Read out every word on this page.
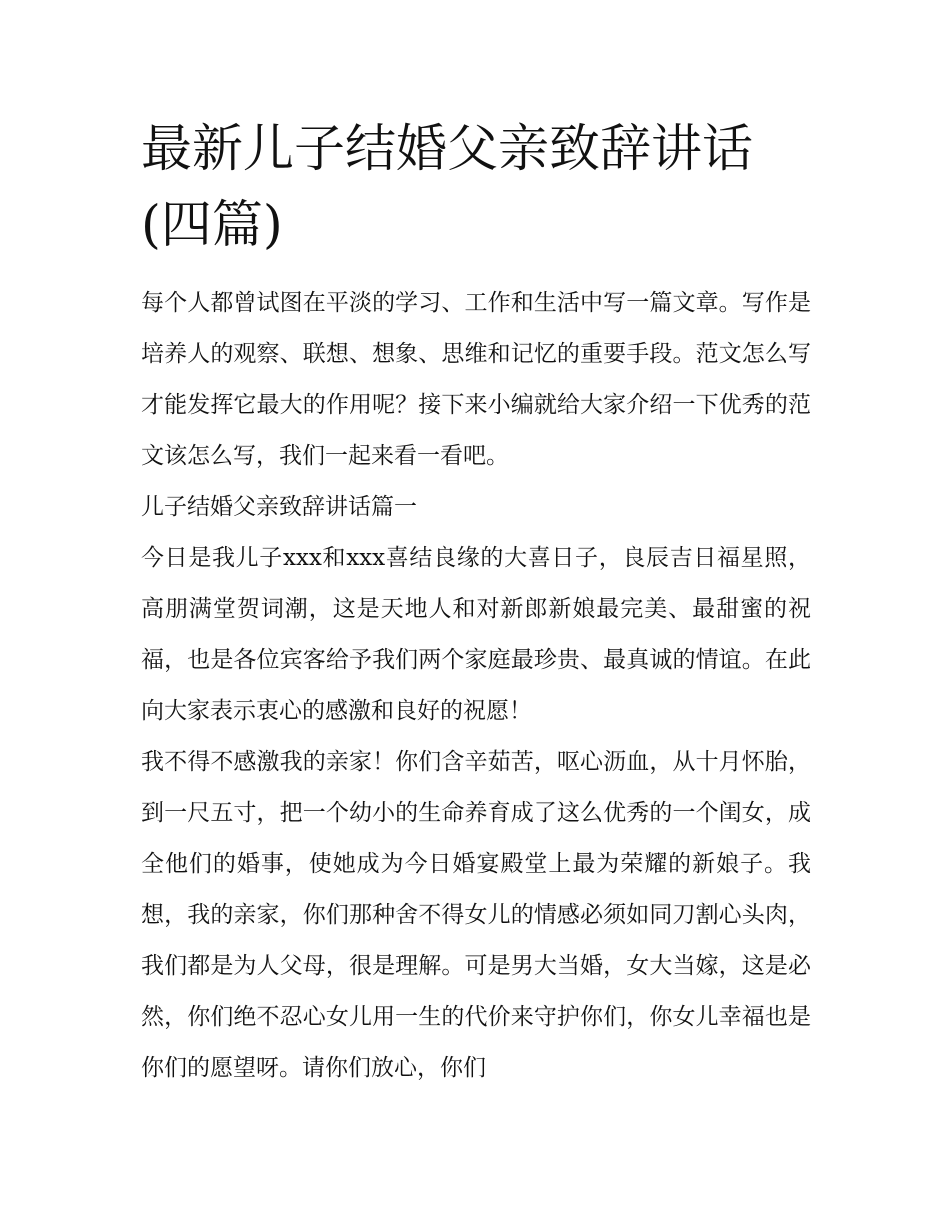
最新儿子结婚父亲致辞讲话(四篇)

每个人都曾试图在平淡的学习、工作和生活中写一篇文章。写作是培养人的观察、联想、想象、思维和记忆的重要手段。范文怎么写才能发挥它最大的作用呢？接下来小编就给大家介绍一下优秀的范文该怎么写，我们一起来看一看吧。

儿子结婚父亲致辞讲话篇一

今日是我儿子xxx和xxx喜结良缘的大喜日子，良辰吉日福星照，高朋满堂贺词潮，这是天地人和对新郎新娘最完美、最甜蜜的祝福，也是各位宾客给予我们两个家庭最珍贵、最真诚的情谊。在此向大家表示衷心的感激和良好的祝愿！

我不得不感激我的亲家！你们含辛茹苦，呕心沥血，从十月怀胎，到一尺五寸，把一个幼小的生命养育成了这么优秀的一个闺女，成全他们的婚事，使她成为今日婚宴殿堂上最为荣耀的新娘子。我想，我的亲家，你们那种舍不得女儿的情感必须如同刀割心头肉，我们都是为人父母，很是理解。可是男大当婚，女大当嫁，这是必然，你们绝不忍心女儿用一生的代价来守护你们，你女儿幸福也是你们的愿望呀。请你们放心，你们
